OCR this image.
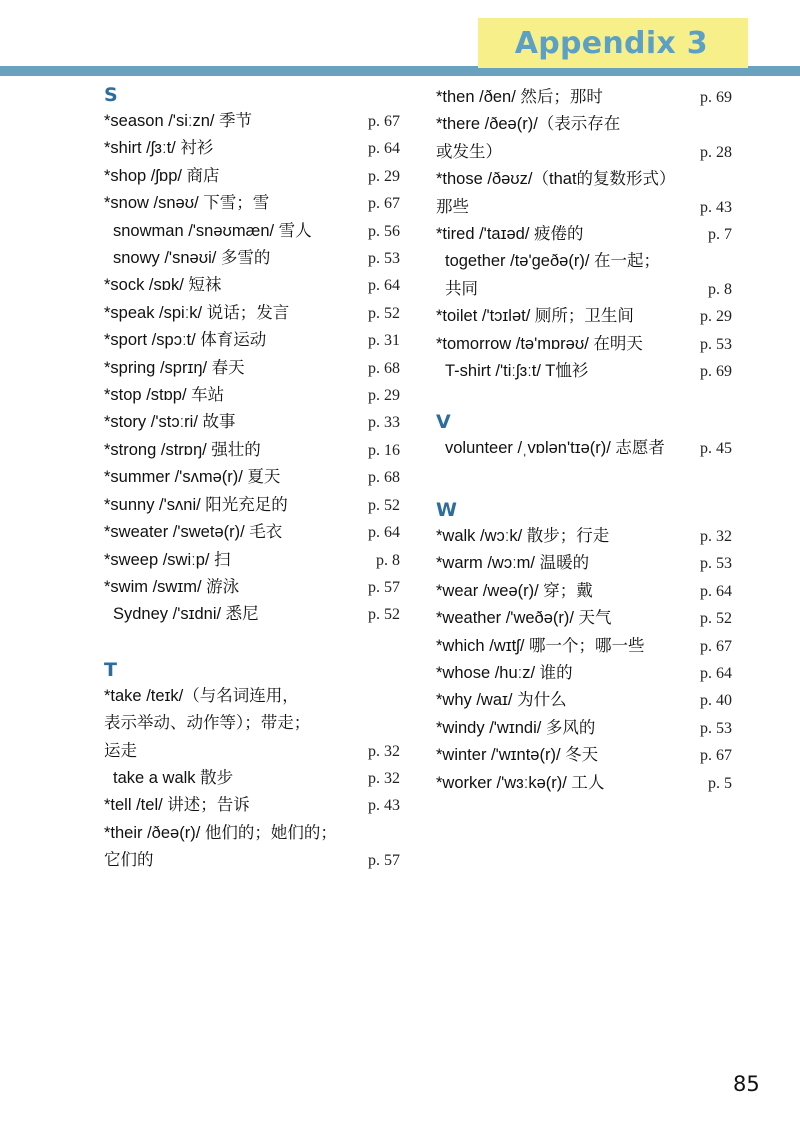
Appendix 3
S
*season /'siːzn/ 季节	p. 67
*shirt /ʃɜːt/ 衬衫	p. 64
*shop /ʃɒp/ 商店	p. 29
*snow /snəʊ/ 下雪；雪	p. 67
snowman /'snəʊmæn/ 雪人	p. 56
snowy /'snəʊi/ 多雪的	p. 53
*sock /sɒk/ 短袜	p. 64
*speak /spiːk/ 说话；发言	p. 52
*sport /spɔːt/ 体育运动	p. 31
*spring /sprɪŋ/ 春天	p. 68
*stop /stɒp/ 车站	p. 29
*story /'stɔːri/ 故事	p. 33
*strong /strɒŋ/ 强壮的	p. 16
*summer /'sʌmə(r)/ 夏天	p. 68
*sunny /'sʌni/ 阳光充足的	p. 52
*sweater /'swetə(r)/ 毛衣	p. 64
*sweep /swiːp/ 扫	p. 8
*swim /swɪm/ 游泳	p. 57
Sydney /'sɪdni/ 悉尼	p. 52
T
*take /teɪk/（与名词连用，
表示举动、动作等）；带走；
运走	p. 32
take a walk 散步	p. 32
*tell /tel/ 讲述；告诉	p. 43
*their /ðeə(r)/ 他们的；她们的；
它们的	p. 57
*then /ðen/ 然后；那时	p. 69
*there /ðeə(r)/（表示存在
或发生）	p. 28
*those /ðəʊz/（that的复数形式）
那些	p. 43
*tired /'taɪəd/ 疲倦的	p. 7
together /tə'geðə(r)/ 在一起；
共同	p. 8
*toilet /'tɔɪlət/ 厕所；卫生间	p. 29
*tomorrow /tə'mɒrəʊ/ 在明天	p. 53
T-shirt /'tiːʃɜːt/ T恤衫	p. 69
V
volunteer /ˌvɒlən'tɪə(r)/ 志愿者	p. 45
W
*walk /wɔːk/ 散步；行走	p. 32
*warm /wɔːm/ 温暖的	p. 53
*wear /weə(r)/ 穿；戴	p. 64
*weather /'weðə(r)/ 天气	p. 52
*which /wɪtʃ/ 哪一个；哪一些	p. 67
*whose /huːz/ 谁的	p. 64
*why /waɪ/ 为什么	p. 40
*windy /'wɪndi/ 多风的	p. 53
*winter /'wɪntə(r)/ 冬天	p. 67
*worker /'wɜːkə(r)/ 工人	p. 5
85
